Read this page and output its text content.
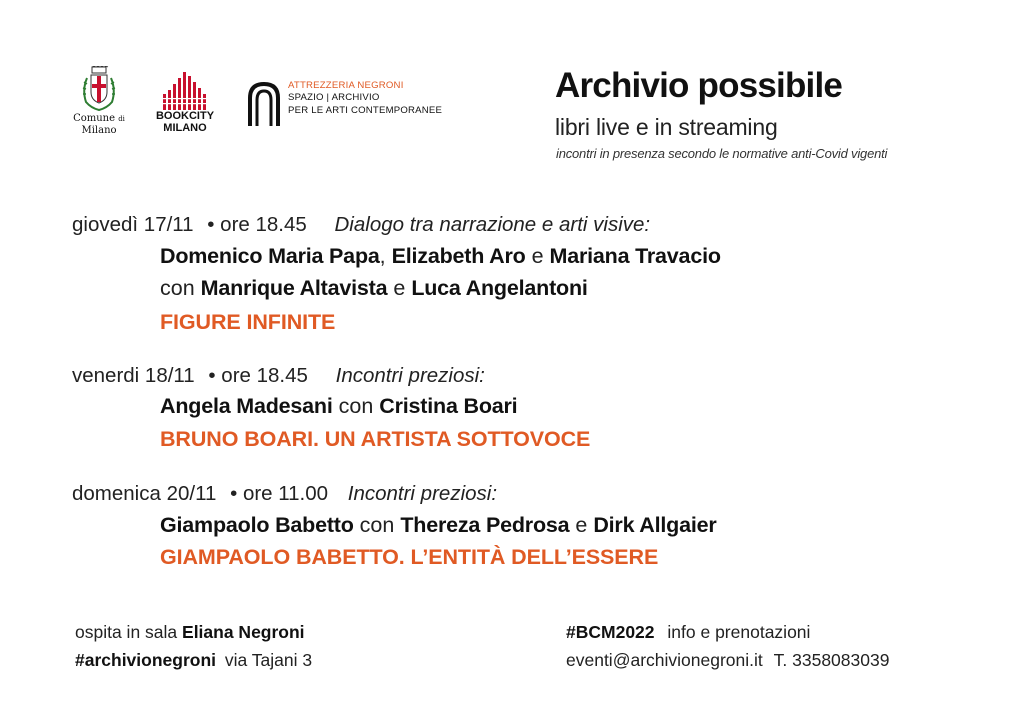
Comune di
Milano
BOOKCITY
MILANO
ATTREZZERIA NEGRONI
SPAZIO | ARCHIVIO
PER LE ARTI CONTEMPORANEE
Archivio possibile
libri live e in streaming
incontri in presenza secondo le normative anti-Covid vigenti
giovedì 17/11 • ore 18.45 Dialogo tra narrazione e arti visive:
Domenico Maria Papa, Elizabeth Aro e Mariana Travacio
con Manrique Altavista e Luca Angelantoni
FIGURE INFINITE
venerdi 18/11 • ore 18.45 Incontri preziosi:
Angela Madesani con Cristina Boari
BRUNO BOARI. UN ARTISTA SOTTOVOCE
domenica 20/11 • ore 11.00 Incontri preziosi:
Giampaolo Babetto con Thereza Pedrosa e Dirk Allgaier
GIAMPAOLO BABETTO. L’ENTITÀ DELL’ESSERE
ospita in sala Eliana Negroni
#archivionegroni via Tajani 3
#BCM2022 info e prenotazioni
eventi@archivionegroni.it T. 3358083039
